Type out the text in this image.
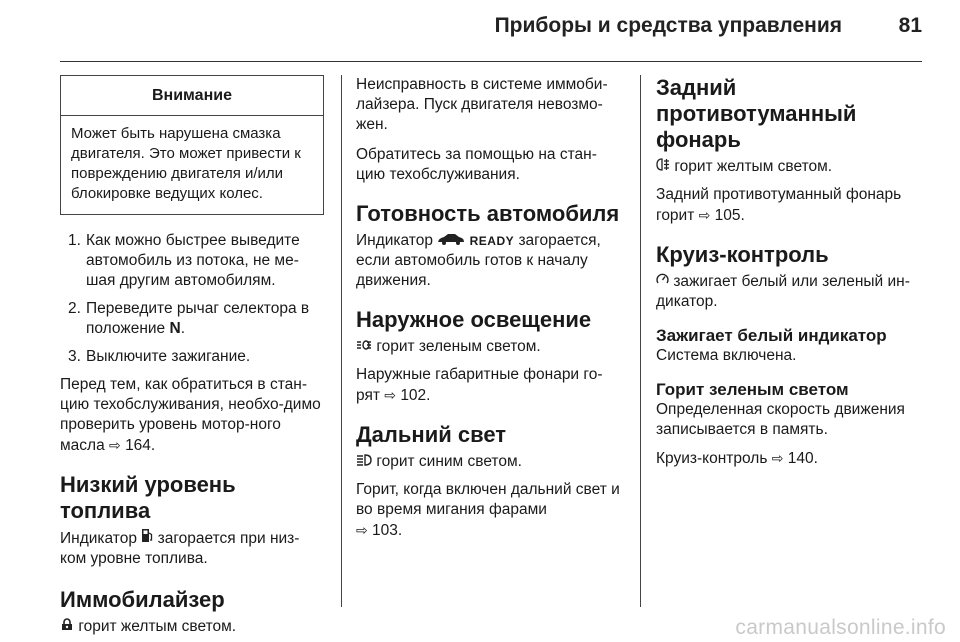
Приборы и средства управления	81
Внимание
Может быть нарушена смазка двигателя. Это может привести к повреждению двигателя и/или блокировке ведущих колес.
1. Как можно быстрее выведите автомобиль из потока, не ме-шая другим автомобилям.
2. Переведите рычаг селектора в положение N.
3. Выключите зажигание.

Перед тем, как обратиться в стан-цию техобслуживания, необхо-димо проверить уровень мотор-ного масла ⇨ 164.

Низкий уровень топлива

Индикатор загорается при низ-ком уровне топлива.

Иммобилайзер

горит желтым светом.

Неисправность в системе иммоби-лайзера. Пуск двигателя невозмо-жен.

Обратитесь за помощью на стан-цию техобслуживания.

Готовность автомобиля

Индикатор	READY загорается, если автомобиль готов к началу движения.

Наружное освещение

горит зеленым светом.

Наружные габаритные фонари го-рят ⇨ 102.

Дальний свет

горит синим светом.

Горит, когда включен дальний свет и во время мигания фарами
⇨ 103.

Задний противотуманный фонарь

горит желтым светом.

Задний противотуманный фонарь горит ⇨ 105.

Круиз-контроль

зажигает белый или зеленый ин-дикатор.

Зажигает белый индикатор

Система включена.

Горит зеленым светом

Определенная скорость движения записывается в память.

Круиз-контроль ⇨ 140.

carmanualsonline.info
